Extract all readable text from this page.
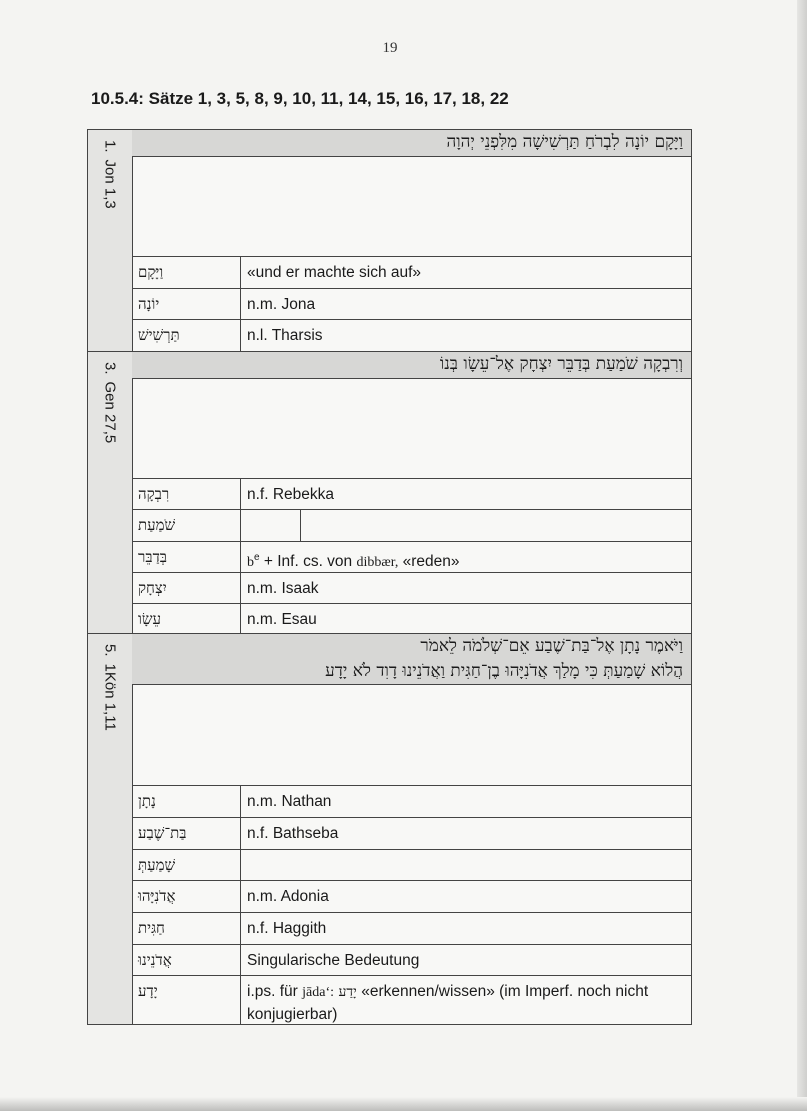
19
10.5.4: Sätze 1, 3, 5, 8, 9, 10, 11, 14, 15, 16, 17, 18, 22
1.Jon 1,3
וַיָּקָם יוֹנָה לִבְרֹחַ תַּרְשִׁישָׁה מִלִּפְנֵי יְהוָה
וַיָּקָם	«und er machte sich auf»
יוֹנָה	n.m. Jona
תַּרְשִׁישׁ	n.l. Tharsis
3.Gen 27,5
וְרִבְקָה שֹׁמַעַת בְּדַבֵּר יִצְחָק אֶל־עֵשָׂו בְּנוֹ
רִבְקָה	n.f. Rebekka
שֹׁמַעַת
בְּדַבֵּר	$b^e$ + Inf. cs. von dibbær, «reden»
יִצְחָק	n.m. Isaak
עֵשָׂו	n.m. Esau
5.1Kön 1,11
וַיֹּאמֶר נָתָן אֶל־בַּת־שֶׁבַע אֵם־שְׁלֹמֹה לֵאמֹר
הֲלוֹא שָׁמַעַתְּ כִּי מָלַךְ אֲדֹנִיָּהוּ בֶן־חַגִּית וַאֲדֹנֵינוּ דָוִד לֹא יָדָע
נָתָן	n.m. Nathan
בַּת־שֶׁבַע	n.f. Bathseba
שָׁמַעַתְּ
אֲדֹנִיָּהוּ	n.m. Adonia
חַגִּית	n.f. Haggith
אֲדֹנֵינוּ	Singularische Bedeutung
יָדָע	i.ps. für jāda‘: יָדַע «erkennen/wissen» (im Imperf. noch nicht konjugierbar)
